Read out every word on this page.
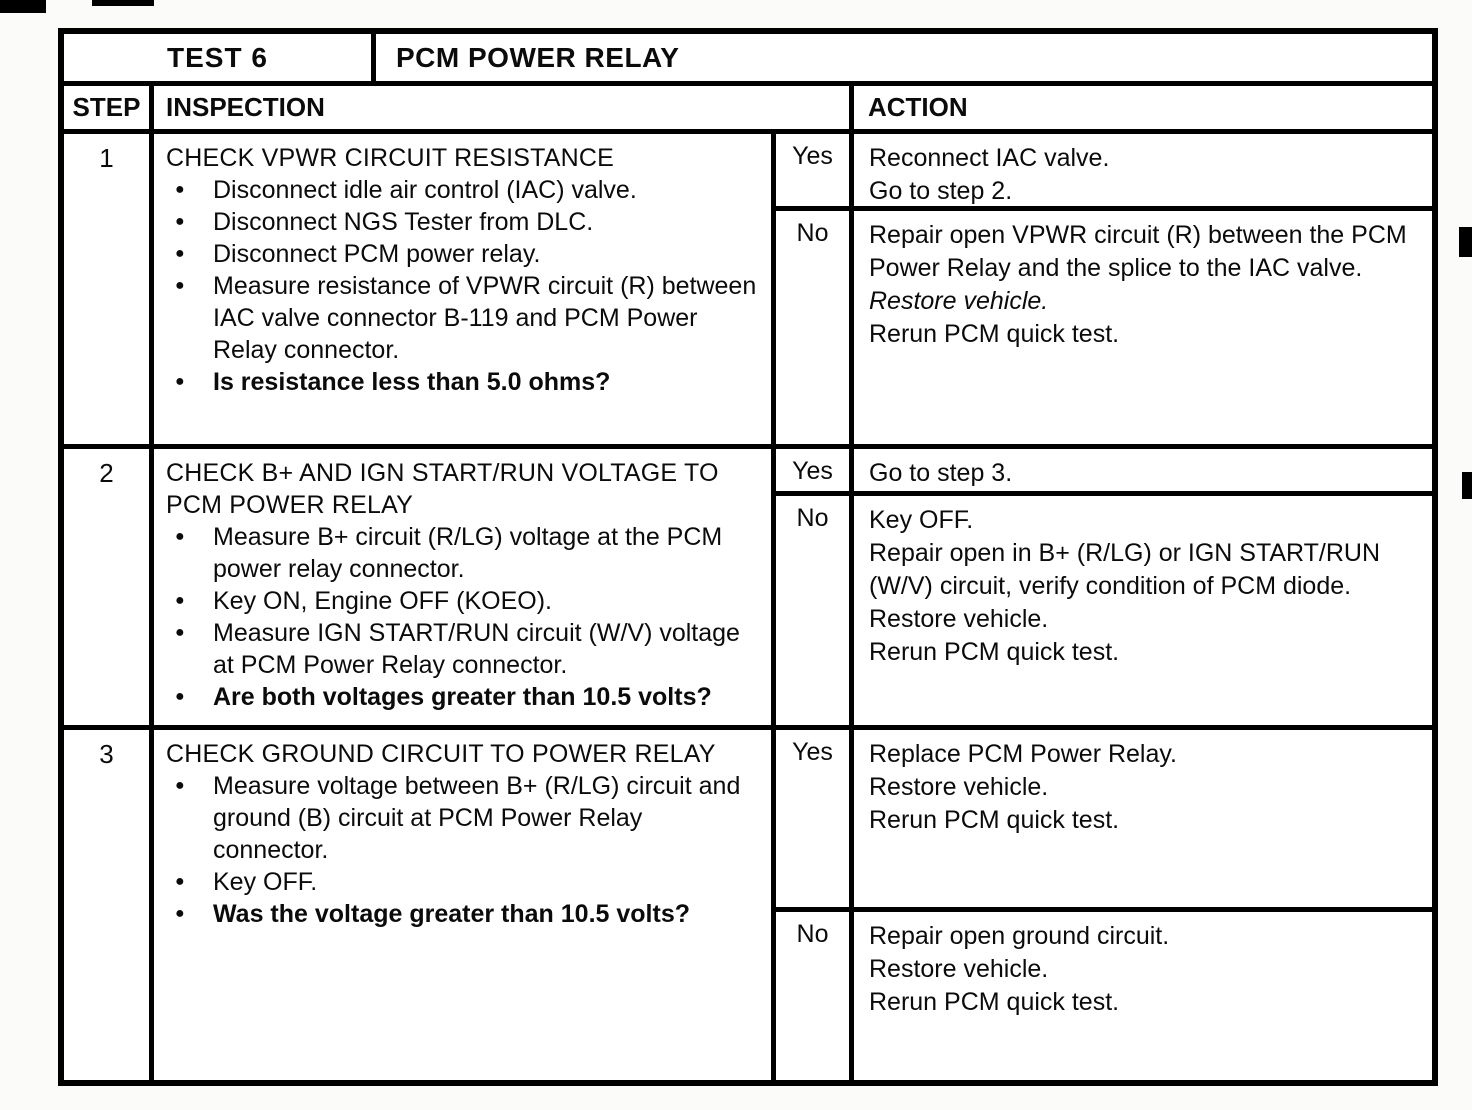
TEST 6	PCM POWER RELAY
STEP INSPECTION	ACTION
1	CHECK VPWR CIRCUIT RESISTANCE
●
Disconnect idle air control (IAC) valve.
●
Disconnect NGS Tester from DLC.
●
Disconnect PCM power relay.
●
Measure resistance of VPWR circuit (R) between IAC valve connector B-119 and PCM Power Relay connector.
●
Is resistance less than 5.0 ohms?
Yes	Reconnect IAC valve.
Go to step 2.
No	Repair open VPWR circuit (R) between the PCM Power Relay and the splice to the IAC valve.
Restore vehicle.
Rerun PCM quick test.
2	CHECK B+ AND IGN START/RUN VOLTAGE TO PCM POWER RELAY
●
Measure B+ circuit (R/LG) voltage at the PCM power relay connector.
●
Key ON, Engine OFF (KOEO).
●
Measure IGN START/RUN circuit (W/V) voltage at PCM Power Relay connector.
●
Are both voltages greater than 10.5 volts?
Yes	Go to step 3.
No	Key OFF.
Repair open in B+ (R/LG) or IGN START/RUN (W/V) circuit, verify condition of PCM diode.
Restore vehicle.
Rerun PCM quick test.
3	CHECK GROUND CIRCUIT TO POWER RELAY
●
Measure voltage between B+ (R/LG) circuit and ground (B) circuit at PCM Power Relay connector.
●
Key OFF.
●
Was the voltage greater than 10.5 volts?
Yes	Replace PCM Power Relay.
Restore vehicle.
Rerun PCM quick test.
No	Repair open ground circuit.
Restore vehicle.
Rerun PCM quick test.
